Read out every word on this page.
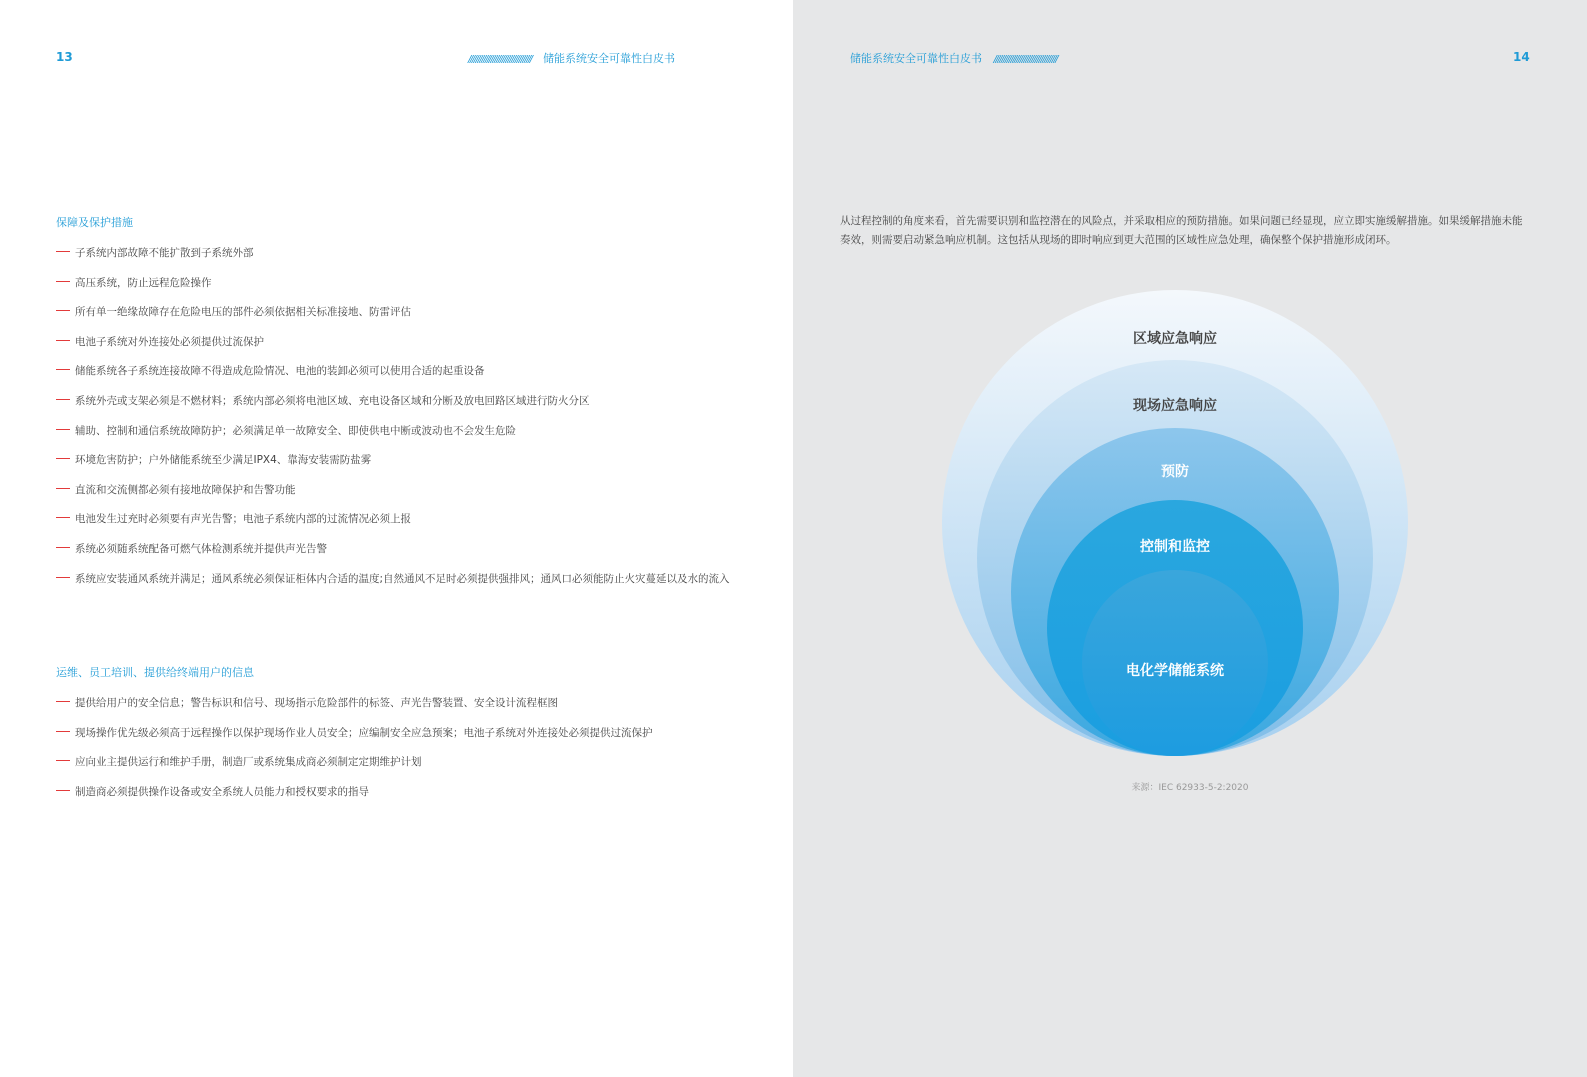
13	////////////////////////////////// 储能系统安全可靠性白皮书
保障及保护措施
子系统内部故障不能扩散到子系统外部
高压系统，防止远程危险操作
所有单一绝缘故障存在危险电压的部件必须依据相关标准接地、防雷评估
电池子系统对外连接处必须提供过流保护
储能系统各子系统连接故障不得造成危险情况、电池的装卸必须可以使用合适的起重设备
系统外壳或支架必须是不燃材料；系统内部必须将电池区域、充电设备区域和分断及放电回路区域进行防火分区
辅助、控制和通信系统故障防护；必须满足单一故障安全、即使供电中断或波动也不会发生危险
环境危害防护；户外储能系统至少满足IPX4、靠海安装需防盐雾
直流和交流侧都必须有接地故障保护和告警功能
电池发生过充时必须要有声光告警；电池子系统内部的过流情况必须上报
系统必须随系统配备可燃气体检测系统并提供声光告警
系统应安装通风系统并满足；通风系统必须保证柜体内合适的温度;自然通风不足时必须提供强排风；通风口必须能防止火灾蔓延以及水的流入
运维、员工培训、提供给终端用户的信息
提供给用户的安全信息；警告标识和信号、现场指示危险部件的标签、声光告警装置、安全设计流程框图
现场操作优先级必须高于远程操作以保护现场作业人员安全；应编制安全应急预案；电池子系统对外连接处必须提供过流保护
应向业主提供运行和维护手册，制造厂或系统集成商必须制定定期维护计划
制造商必须提供操作设备或安全系统人员能力和授权要求的指导
储能系统安全可靠性白皮书 //////////////////////////////////	14
从过程控制的角度来看，首先需要识别和监控潜在的风险点，并采取相应的预防措施。如果问题已经显现，应立即实施缓解措施。如果缓解措施未能奏效，则需要启动紧急响应机制。这包括从现场的即时响应到更大范围的区域性应急处理，确保整个保护措施形成闭环。
区域应急响应
现场应急响应
预防
控制和监控
电化学储能系统
来源：IEC 62933-5-2:2020
